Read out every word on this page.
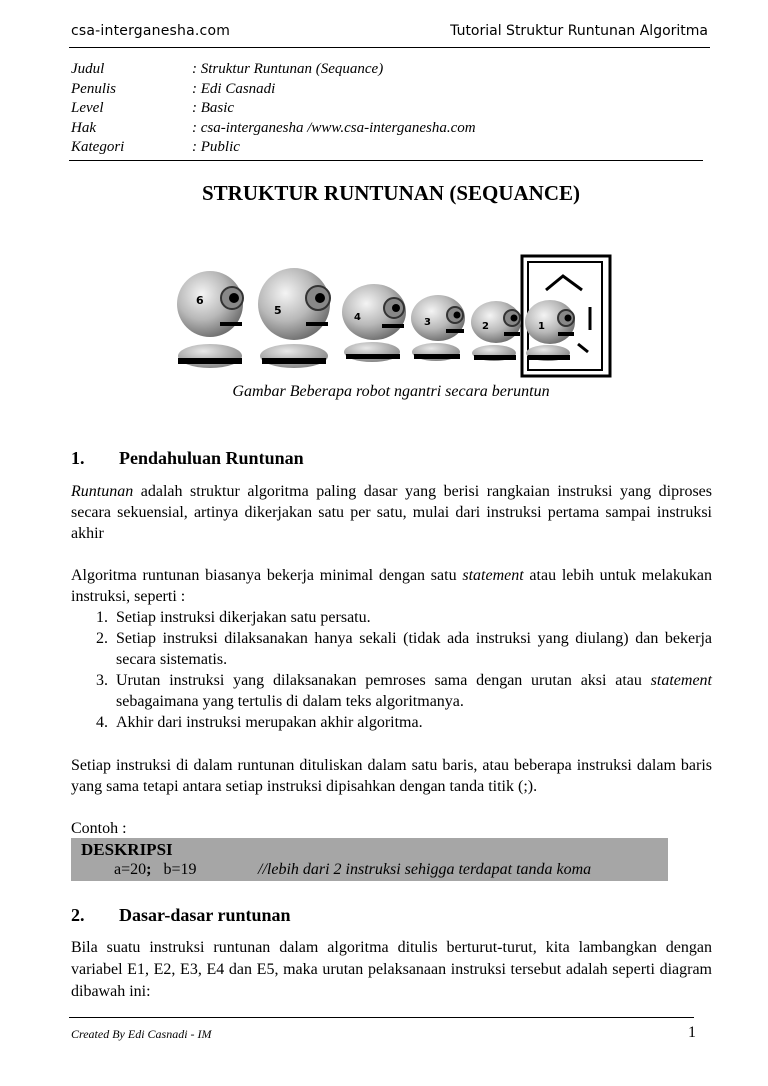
csa-interganesha.com	Tutorial Struktur Runtunan Algoritma
Judul	: Struktur Runtunan (Sequance)
Penulis	: Edi Casnadi
Level	: Basic
Hak	: csa-interganesha /www.csa-interganesha.com
Kategori	: Public
STRUKTUR RUNTUNAN (SEQUANCE)
6
5
4	3	2	1
Gambar Beberapa robot ngantri secara beruntun
1. Pendahuluan Runtunan
Runtunan adalah struktur algoritma paling dasar yang berisi rangkaian instruksi yang diproses secara sekuensial, artinya dikerjakan satu per satu, mulai dari instruksi pertama sampai instruksi akhir
Algoritma runtunan biasanya bekerja minimal dengan satu statement atau lebih untuk melakukan instruksi, seperti :
1. Setiap instruksi dikerjakan satu persatu.
2. Setiap instruksi dilaksanakan hanya sekali (tidak ada instruksi yang diulang) dan bekerja secara sistematis.
3. Urutan instruksi yang dilaksanakan pemroses sama dengan urutan aksi atau statement sebagaimana yang tertulis di dalam teks algoritmanya.
4. Akhir dari instruksi merupakan akhir algoritma.
Setiap instruksi di dalam runtunan dituliskan dalam satu baris, atau beberapa instruksi dalam baris yang sama tetapi antara setiap instruksi dipisahkan dengan tanda titik (;).
Contoh :
DESKRIPSI
a=20; b=19	//lebih dari 2 instruksi sehigga terdapat tanda koma
2. Dasar-dasar runtunan
Bila suatu instruksi runtunan dalam algoritma ditulis berturut-turut, kita lambangkan dengan variabel E1, E2, E3, E4 dan E5, maka urutan pelaksanaan instruksi tersebut adalah seperti diagram dibawah ini:
Created By Edi Casnadi - IM	1
